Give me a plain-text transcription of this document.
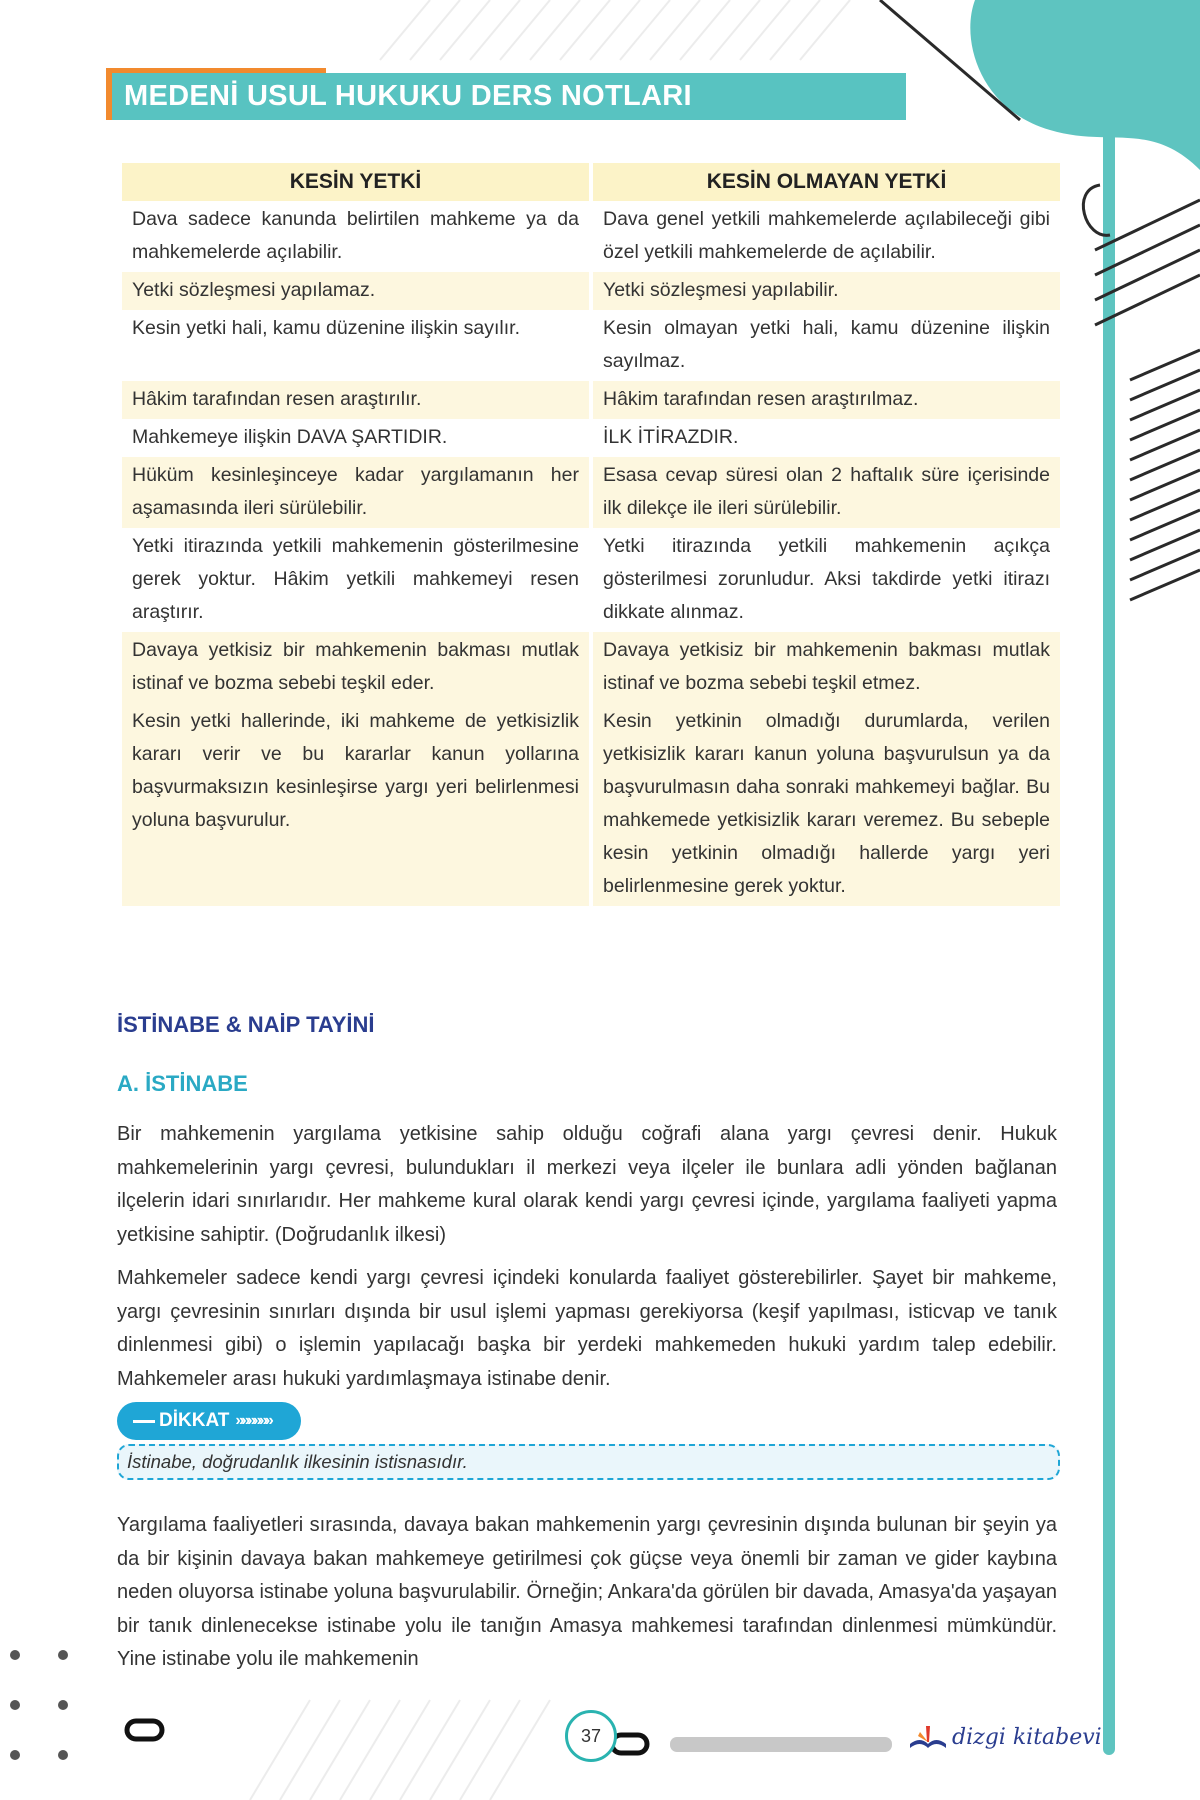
MEDENİ USUL HUKUKU DERS NOTLARI
KESİN YETKİ	KESİN OLMAYAN YETKİ
Dava sadece kanunda belirtilen mahkeme ya da mahkemelerde açılabilir.	Dava genel yetkili mahkemelerde açılabileceği gibi özel yetkili mahkemelerde de açılabilir.
Yetki sözleşmesi yapılamaz.	Yetki sözleşmesi yapılabilir.
Kesin yetki hali, kamu düzenine ilişkin sayılır.	Kesin olmayan yetki hali, kamu düzenine ilişkin sayılmaz.
Hâkim tarafından resen araştırılır.	Hâkim tarafından resen araştırılmaz.
Mahkemeye ilişkin DAVA ŞARTIDIR.	İLK İTİRAZDIR.
Hüküm kesinleşinceye kadar yargılamanın her aşamasında ileri sürülebilir.	Esasa cevap süresi olan 2 haftalık süre içerisinde ilk dilekçe ile ileri sürülebilir.
Yetki itirazında yetkili mahkemenin gösterilmesine gerek yoktur. Hâkim yetkili mahkemeyi resen araştırır.	Yetki itirazında yetkili mahkemenin açıkça gösterilmesi zorunludur. Aksi takdirde yetki itirazı dikkate alınmaz.
Davaya yetkisiz bir mahkemenin bakması mutlak istinaf ve bozma sebebi teşkil eder.	Davaya yetkisiz bir mahkemenin bakması mutlak istinaf ve bozma sebebi teşkil etmez.
Kesin yetki hallerinde, iki mahkeme de yetkisizlik kararı verir ve bu kararlar kanun yollarına başvurmaksızın kesinleşirse yargı yeri belirlenmesi yoluna başvurulur.	Kesin yetkinin olmadığı durumlarda, verilen yetkisizlik kararı kanun yoluna başvurulsun ya da başvurulmasın daha sonraki mahkemeyi bağlar. Bu mahkemede yetkisizlik kararı veremez. Bu sebeple kesin yetkinin olmadığı hallerde yargı yeri belirlenmesine gerek yoktur.
İSTİNABE & NAİP TAYİNİ
A. İSTİNABE

Bir mahkemenin yargılama yetkisine sahip olduğu coğrafi alana yargı çevresi denir. Hukuk mahkemelerinin yargı çevresi, bulundukları il merkezi veya ilçeler ile bunlara adli yönden bağlanan ilçelerin idari sınırlarıdır. Her mahkeme kural olarak kendi yargı çevresi içinde, yargılama faaliyeti yapma yetkisine sahiptir. (Doğrudanlık ilkesi)

Mahkemeler sadece kendi yargı çevresi içindeki konularda faaliyet gösterebilirler. Şayet bir mahkeme, yargı çevresinin sınırları dışında bir usul işlemi yapması gerekiyorsa (keşif yapılması, isticvap ve tanık dinlenmesi gibi) o işlemin yapılacağı başka bir yerdeki mahkemeden hukuki yardım talep edebilir. Mahkemeler arası hukuki yardımlaşmaya istinabe denir.

DİKKAT »»»»»»
İstinabe, doğrudanlık ilkesinin istisnasıdır.

Yargılama faaliyetleri sırasında, davaya bakan mahkemenin yargı çevresinin dışında bulunan bir şeyin ya da bir kişinin davaya bakan mahkemeye getirilmesi çok güçse veya önemli bir zaman ve gider kaybına neden oluyorsa istinabe yoluna başvurulabilir. Örneğin; Ankara'da görülen bir davada, Amasya'da yaşayan bir tanık dinlenecekse istinabe yolu ile tanığın Amasya mahkemesi tarafından dinlenmesi mümkündür. Yine istinabe yolu ile mahkemenin

37	dizgi kitabevi
